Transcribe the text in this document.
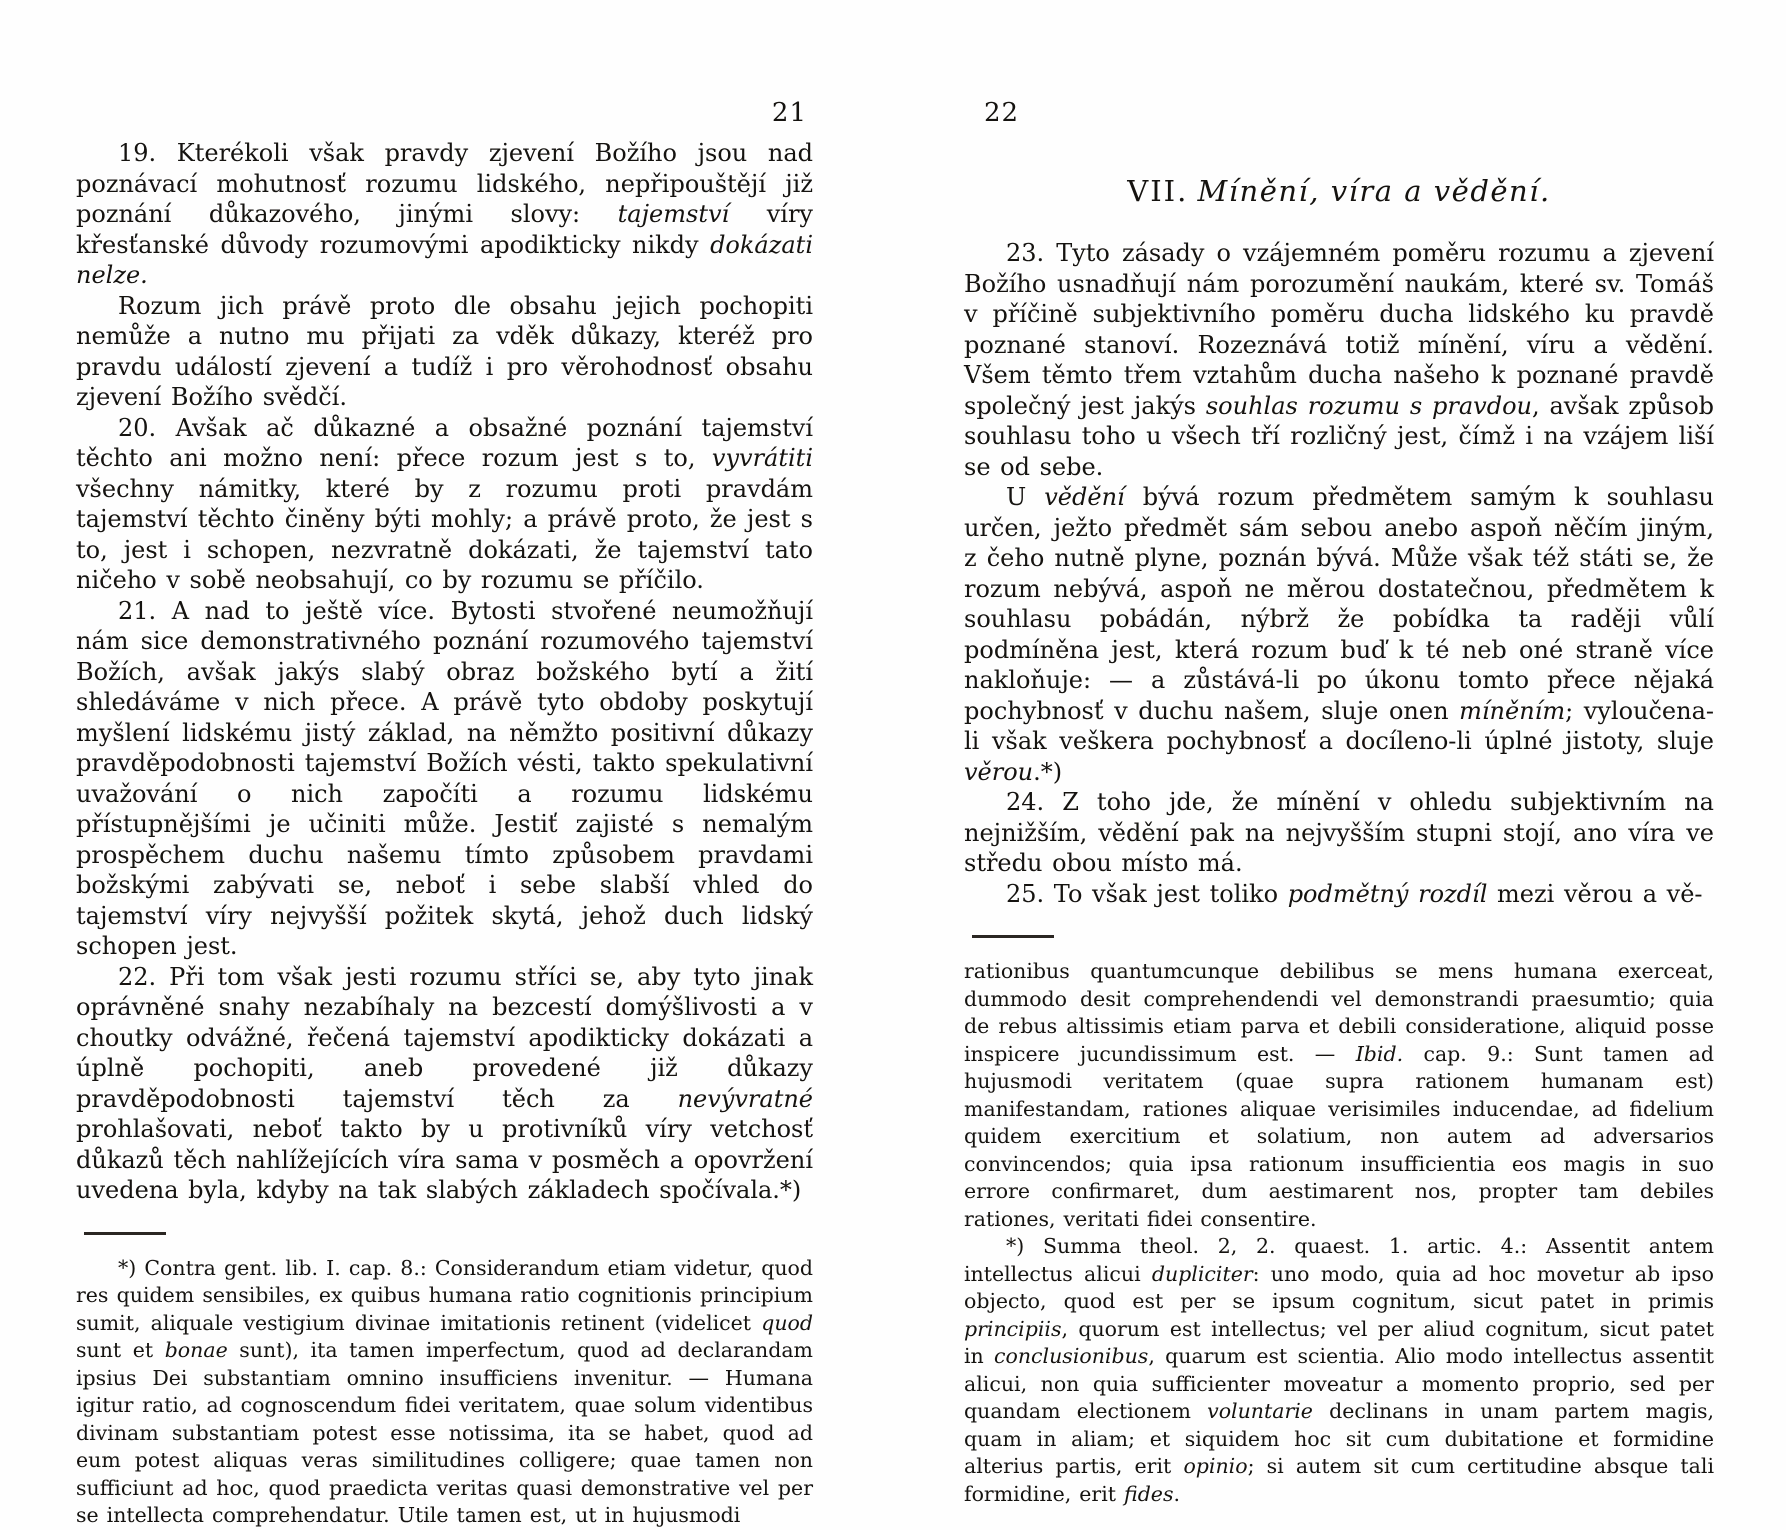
21

19. Kterékoli však pravdy zjevení Božího jsou nad poznávací mohutnosť rozumu lidského, nepřipouštějí již poznání důkazového, jinými slovy: tajemství víry křesťanské důvody rozumovými apodikticky nikdy dokázati nelze.

Rozum jich právě proto dle obsahu jejich pochopiti nemůže a nutno mu přijati za vděk důkazy, kteréž pro pravdu událostí zjevení a tudíž i pro věrohodnosť obsahu zjevení Božího svědčí.

20. Avšak ač důkazné a obsažné poznání tajemství těchto ani možno není: přece rozum jest s to, vyvrátiti všechny námitky, které by z rozumu proti pravdám tajemství těchto činěny býti mohly; a právě proto, že jest s to, jest i schopen, nezvratně dokázati, že tajemství tato ničeho v sobě neobsahují, co by rozumu se příčilo.

21. A nad to ještě více. Bytosti stvořené neumožňují nám sice demonstrativného poznání rozumového tajemství Božích, avšak jakýs slabý obraz božského bytí a žití shledáváme v nich přece. A právě tyto obdoby poskytují myšlení lidskému jistý základ, na němžto positivní důkazy pravděpodobnosti tajemství Božích vésti, takto spekulativní uvažování o nich započíti a rozumu lidskému přístupnějšími je učiniti může. Jestiť zajisté s nemalým prospěchem duchu našemu tímto způsobem pravdami božskými zabývati se, neboť i sebe slabší vhled do tajemství víry nejvyšší požitek skytá, jehož duch lidský schopen jest.

22. Při tom však jesti rozumu stříci se, aby tyto jinak oprávněné snahy nezabíhaly na bezcestí domýšlivosti a v choutky odvážné, řečená tajemství apodikticky dokázati a úplně pochopiti, aneb provedené již důkazy pravděpodobnosti tajemství těch za nevývratné prohlašovati, neboť takto by u protivníků víry vetchosť důkazů těch nahlížejících víra sama v posměch a opovržení uvedena byla, kdyby na tak slabých základech spočívala.*)

*) Contra gent. lib. I. cap. 8.: Considerandum etiam videtur, quod res quidem sensibiles, ex quibus humana ratio cognitionis principium sumit, aliquale vestigium divinae imitationis retinent (videlicet quod sunt et bonae sunt), ita tamen imperfectum, quod ad declarandam ipsius Dei substantiam omnino insufficiens invenitur. — Humana igitur ratio, ad cognoscendum fidei veritatem, quae solum videntibus divinam substantiam potest esse notissima, ita se habet, quod ad eum potest aliquas veras similitudines colligere; quae tamen non sufficiunt ad hoc, quod praedicta veritas quasi demonstrative vel per se intellecta comprehendatur. Utile tamen est, ut in hujusmodi

22
VII. Mínění, víra a vědění.

23. Tyto zásady o vzájemném poměru rozumu a zjevení Božího usnadňují nám porozumění naukám, které sv. Tomáš v příčině subjektivního poměru ducha lidského ku pravdě poznané stanoví. Rozeznává totiž mínění, víru a vědění. Všem těmto třem vztahům ducha našeho k poznané pravdě společný jest jakýs souhlas rozumu s pravdou, avšak způsob souhlasu toho u všech tří rozličný jest, čímž i na vzájem liší se od sebe.

U vědění bývá rozum předmětem samým k souhlasu určen, ježto předmět sám sebou anebo aspoň něčím jiným, z čeho nutně plyne, poznán bývá. Může však též státi se, že rozum nebývá, aspoň ne měrou dostatečnou, předmětem k souhlasu pobádán, nýbrž že pobídka ta raději vůlí podmíněna jest, která rozum buď k té neb oné straně více nakloňuje: — a zůstává-li po úkonu tomto přece nějaká pochybnosť v duchu našem, sluje onen míněním; vyloučena-li však veškera pochybnosť a docíleno-li úplné jistoty, sluje věrou.*)

24. Z toho jde, že mínění v ohledu subjektivním na nejnižším, vědění pak na nejvyšším stupni stojí, ano víra ve středu obou místo má.

25. To však jest toliko podmětný rozdíl mezi věrou a vě-

rationibus quantumcunque debilibus se mens humana exerceat, dummodo desit comprehendendi vel demonstrandi praesumtio; quia de rebus altissimis etiam parva et debili consideratione, aliquid posse inspicere jucundissimum est. — Ibid. cap. 9.: Sunt tamen ad hujusmodi veritatem (quae supra rationem humanam est) manifestandam, rationes aliquae verisimiles inducendae, ad fidelium quidem exercitium et solatium, non autem ad adversarios convincendos; quia ipsa rationum insufficientia eos magis in suo errore confirmaret, dum aestimarent nos, propter tam debiles rationes, veritati fidei consentire.

*) Summa theol. 2, 2. quaest. 1. artic. 4.: Assentit antem intellectus alicui dupliciter: uno modo, quia ad hoc movetur ab ipso objecto, quod est per se ipsum cognitum, sicut patet in primis principiis, quorum est intellectus; vel per aliud cognitum, sicut patet in conclusionibus, quarum est scientia. Alio modo intellectus assentit alicui, non quia sufficienter moveatur a momento proprio, sed per quandam electionem voluntarie declinans in unam partem magis, quam in aliam; et siquidem hoc sit cum dubitatione et formidine alterius partis, erit opinio; si autem sit cum certitudine absque tali formidine, erit fides.
